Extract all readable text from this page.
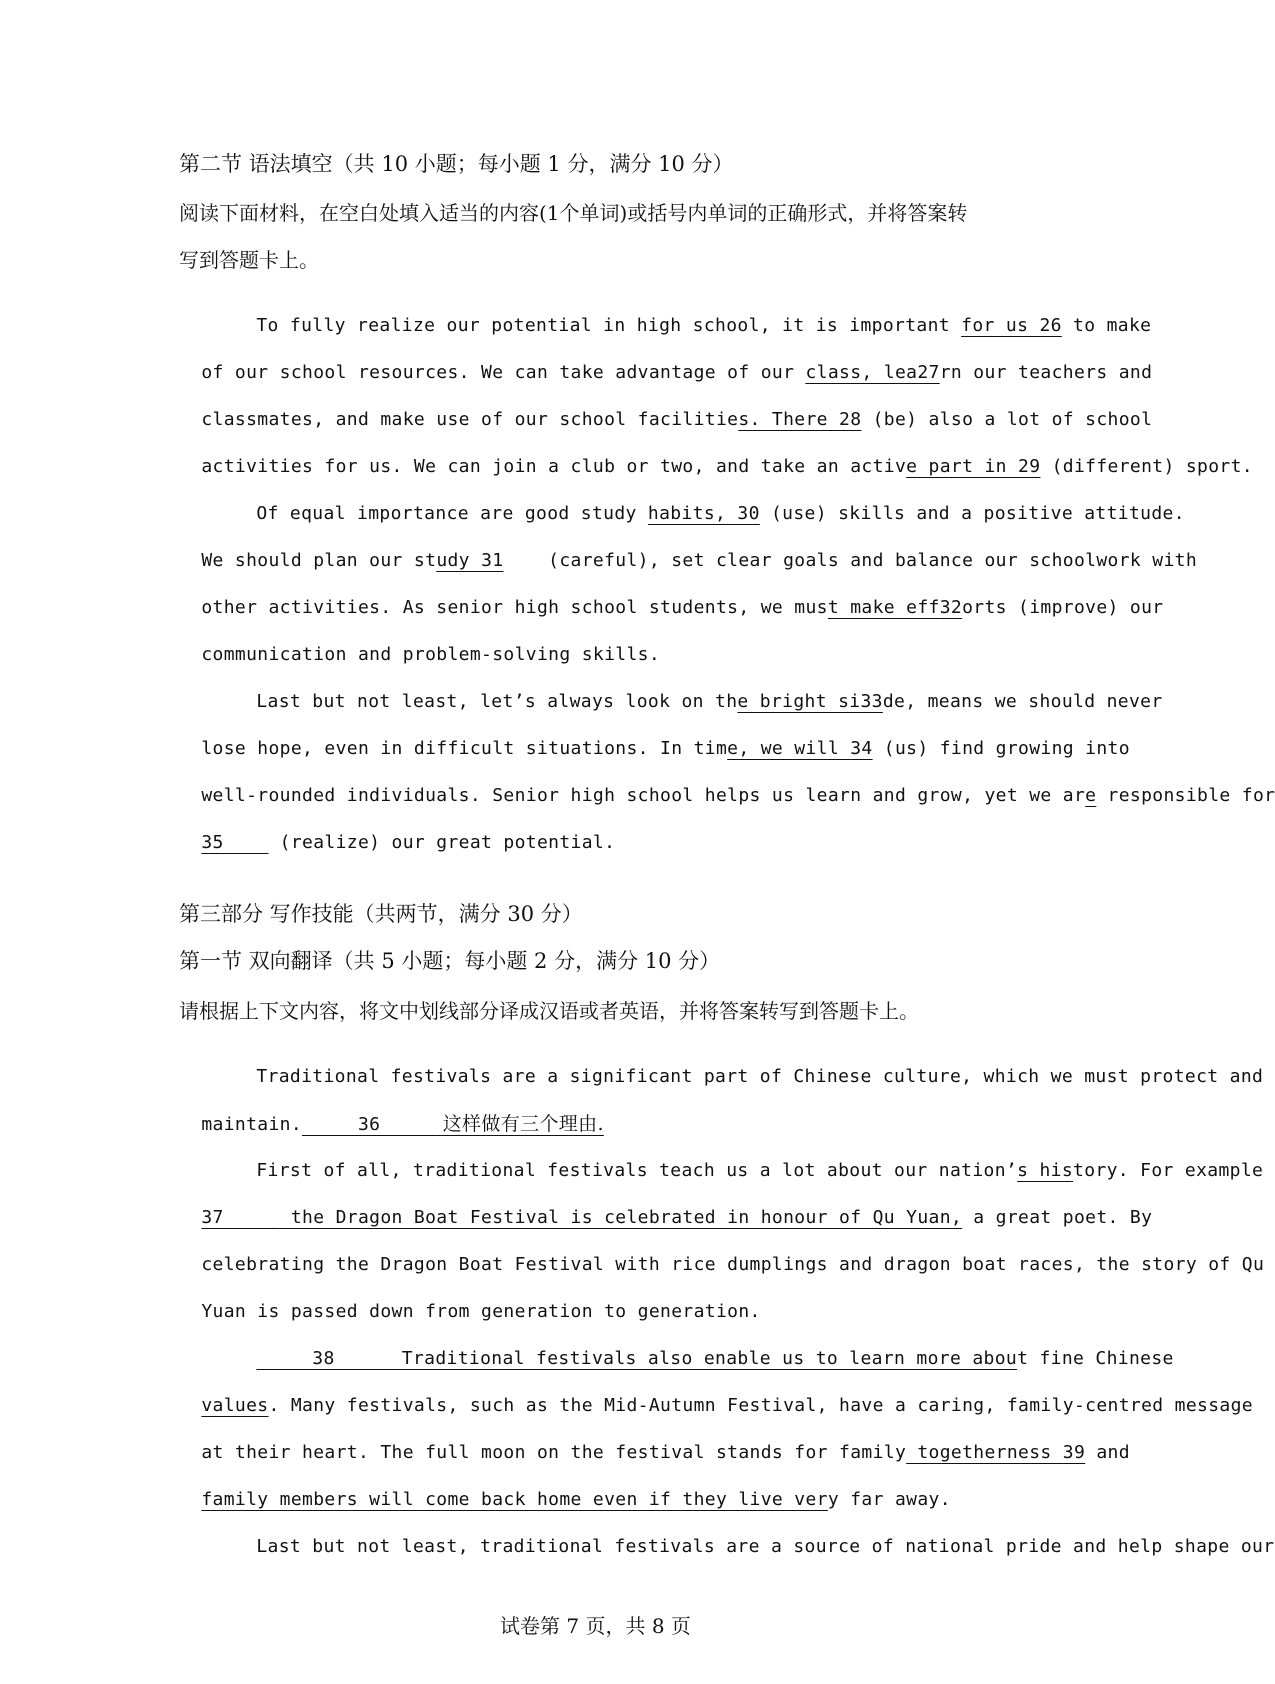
第二节 语法填空（共 10 小题；每小题 1 分，满分 10 分）
阅读下面材料，在空白处填入适当的内容(1个单词)或括号内单词的正确形式，并将答案转
写到答题卡上。

To fully realize our potential in high school, it is important for us 26 to make

of our school resources. We can take advantage of our class, lea27rn our teachers and

classmates, and make use of our school facilities. There 28 (be) also a lot of school

activities for us. We can join a club or two, and take an active part in 29 (different) sport.

Of equal importance are good study habits, 30 (use) skills and a positive attitude.

We should plan our study 31    (careful), set clear goals and balance our schoolwork with

other activities. As senior high school students, we must make eff32orts (improve) our

communication and problem-solving skills.

Last but not least, let’s always look on the bright si33de, means we should never

lose hope, even in difficult situations. In time, we will 34 (us) find growing into

well-rounded individuals. Senior high school helps us learn and grow, yet we are responsible for

35     (realize) our great potential.

第三部分 写作技能（共两节，满分 30 分）
第一节 双向翻译（共 5 小题；每小题 2 分，满分 10 分）
请根据上下文内容，将文中划线部分译成汉语或者英语，并将答案转写到答题卡上。

Traditional festivals are a significant part of Chinese culture, which we must protect and

maintain.     36      这样做有三个理由.

First of all, traditional festivals teach us a lot about our nation’s history. For example

37      the Dragon Boat Festival is celebrated in honour of Qu Yuan, a great poet. By

celebrating the Dragon Boat Festival with rice dumplings and dragon boat races, the story of Qu

Yuan is passed down from generation to generation.

38      Traditional festivals also enable us to learn more about fine Chinese

values. Many festivals, such as the Mid-Autumn Festival, have a caring, family-centred message

at their heart. The full moon on the festival stands for family togetherness 39 and

family members will come back home even if they live very far away.

Last but not least, traditional festivals are a source of national pride and help shape our

试卷第 7 页，共 8 页
